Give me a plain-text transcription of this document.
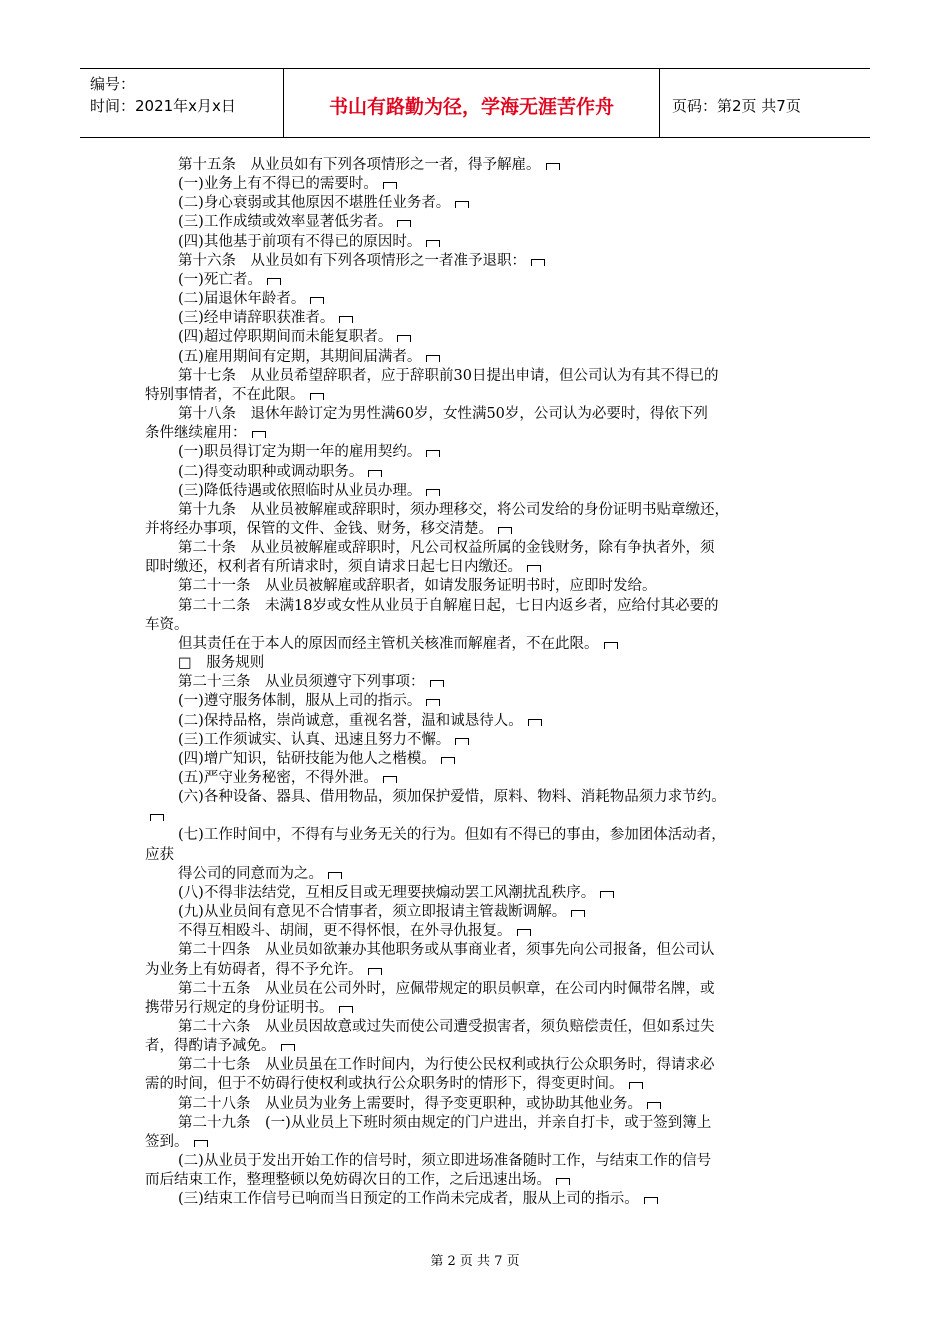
编号：
时间：2021年x月x日	书山有路勤为径，学海无涯苦作舟	页码：第2页 共7页
第十五条　从业员如有下列各项情形之一者，得予解雇。
(一)业务上有不得已的需要时。
(二)身心衰弱或其他原因不堪胜任业务者。
(三)工作成绩或效率显著低劣者。
(四)其他基于前项有不得已的原因时。
第十六条　从业员如有下列各项情形之一者准予退职：
(一)死亡者。
(二)届退休年龄者。
(三)经申请辞职获准者。
(四)超过停职期间而未能复职者。
(五)雇用期间有定期，其期间届满者。
第十七条　从业员希望辞职者，应于辞职前30日提出申请，但公司认为有其不得已的
特别事情者，不在此限。
第十八条　退休年龄订定为男性满60岁，女性满50岁，公司认为必要时，得依下列
条件继续雇用：
(一)职员得订定为期一年的雇用契约。
(二)得变动职种或调动职务。
(三)降低待遇或依照临时从业员办理。
第十九条　从业员被解雇或辞职时，须办理移交，将公司发给的身份证明书贴章缴还，
并将经办事项，保管的文件、金钱、财务，移交清楚。
第二十条　从业员被解雇或辞职时，凡公司权益所属的金钱财务，除有争执者外，须
即时缴还，权利者有所请求时，须自请求日起七日内缴还。
第二十一条　从业员被解雇或辞职者，如请发服务证明书时，应即时发给。
第二十二条　未满18岁或女性从业员于自解雇日起，七日内返乡者，应给付其必要的
车资。
但其责任在于本人的原因而经主管机关核准而解雇者，不在此限。
□　服务规则
第二十三条　从业员须遵守下列事项：
(一)遵守服务体制，服从上司的指示。
(二)保持品格，崇尚诚意，重视名誉，温和诚恳待人。
(三)工作须诚实、认真、迅速且努力不懈。
(四)增广知识，钻研技能为他人之楷模。
(五)严守业务秘密，不得外泄。
(六)各种设备、器具、借用物品，须加保护爱惜，原料、物料、消耗物品须力求节约。
(七)工作时间中，不得有与业务无关的行为。但如有不得已的事由，参加团体活动者，
应获
得公司的同意而为之。
(八)不得非法结党，互相反目或无理要挟煽动罢工风潮扰乱秩序。
(九)从业员间有意见不合情事者，须立即报请主管裁断调解。
不得互相殴斗、胡闹，更不得怀恨，在外寻仇报复。
第二十四条　从业员如欲兼办其他职务或从事商业者，须事先向公司报备，但公司认
为业务上有妨碍者，得不予允许。
第二十五条　从业员在公司外时，应佩带规定的职员帜章，在公司内时佩带名牌，或
携带另行规定的身份证明书。
第二十六条　从业员因故意或过失而使公司遭受损害者，须负赔偿责任，但如系过失
者，得酌请予减免。
第二十七条　从业员虽在工作时间内，为行使公民权利或执行公众职务时，得请求必
需的时间，但于不妨碍行使权利或执行公众职务时的情形下，得变更时间。
第二十八条　从业员为业务上需要时，得予变更职种，或协助其他业务。
第二十九条　(一)从业员上下班时须由规定的门户进出，并亲自打卡，或于签到簿上
签到。
(二)从业员于发出开始工作的信号时，须立即进场准备随时工作，与结束工作的信号
而后结束工作，整理整顿以免妨碍次日的工作，之后迅速出场。
(三)结束工作信号已响而当日预定的工作尚未完成者，服从上司的指示。
第 2 页 共 7 页
